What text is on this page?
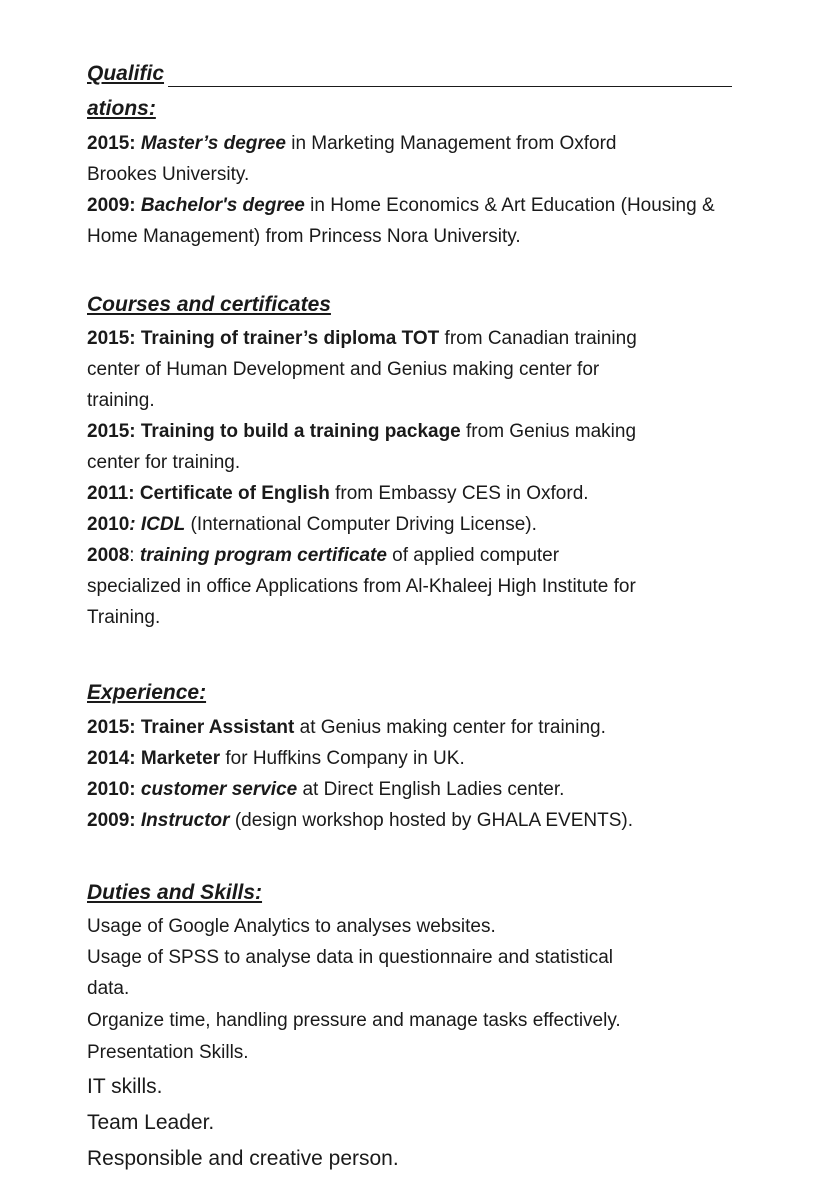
Qualific
ations:
2015: Master’s degree in Marketing Management from Oxford
Brookes University.
2009: Bachelor's degree in Home Economics & Art Education (Housing &
Home Management) from Princess Nora University.
Courses and certificates
2015: Training of trainer’s diploma TOT from Canadian training
center of Human Development and Genius making center for
training.
2015: Training to build a training package from Genius making
center for training.
2011: Certificate of English from Embassy CES in Oxford.
2010: ICDL (International Computer Driving License).
2008: training program certificate of applied computer
specialized in office Applications from Al-Khaleej High Institute for
Training.
Experience:
2015: Trainer Assistant at Genius making center for training.
2014: Marketer for Huffkins Company in UK.
2010: customer service at Direct English Ladies center.
2009: Instructor (design workshop hosted by GHALA EVENTS).
Duties and Skills:
Usage of Google Analytics to analyses websites.
Usage of SPSS to analyse data in questionnaire and statistical
data.
Organize time, handling pressure and manage tasks effectively.
Presentation Skills.
IT skills.
Team Leader.
Responsible and creative person.
